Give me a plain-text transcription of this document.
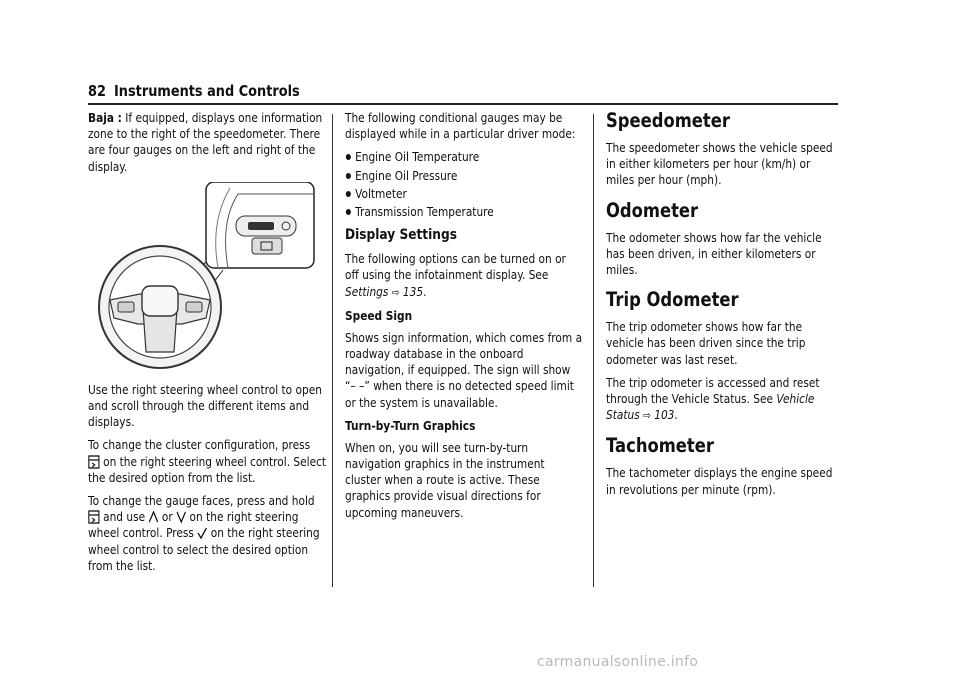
82 Instruments and Controls

Baja : If equipped, displays one information zone to the right of the speedometer. There are four gauges on the left and right of the display.

Use the right steering wheel control to open and scroll through the different items and displays.

To change the cluster configuration, press
on the right steering wheel control. Select the desired option from the list.

To change the gauge faces, press and hold
and use  or  on the right steering wheel control. Press  on the right steering wheel control to select the desired option from the list.

The following conditional gauges may be displayed while in a particular driver mode:

Engine Oil Temperature
Engine Oil Pressure
Voltmeter
Transmission Temperature
Display Settings

The following options can be turned on or off using the infotainment display. See Settings ⇨ 135.

Speed Sign

Shows sign information, which comes from a roadway database in the onboard navigation, if equipped. The sign will show “– –” when there is no detected speed limit or the system is unavailable.

Turn-by-Turn Graphics

When on, you will see turn-by-turn navigation graphics in the instrument cluster when a route is active. These graphics provide visual directions for upcoming maneuvers.

Speedometer

The speedometer shows the vehicle speed in either kilometers per hour (km/h) or miles per hour (mph).

Odometer

The odometer shows how far the vehicle has been driven, in either kilometers or miles.

Trip Odometer

The trip odometer shows how far the vehicle has been driven since the trip odometer was last reset.

The trip odometer is accessed and reset through the Vehicle Status. See Vehicle Status ⇨ 103.

Tachometer

The tachometer displays the engine speed in revolutions per minute (rpm).

carmanualsonline.info
